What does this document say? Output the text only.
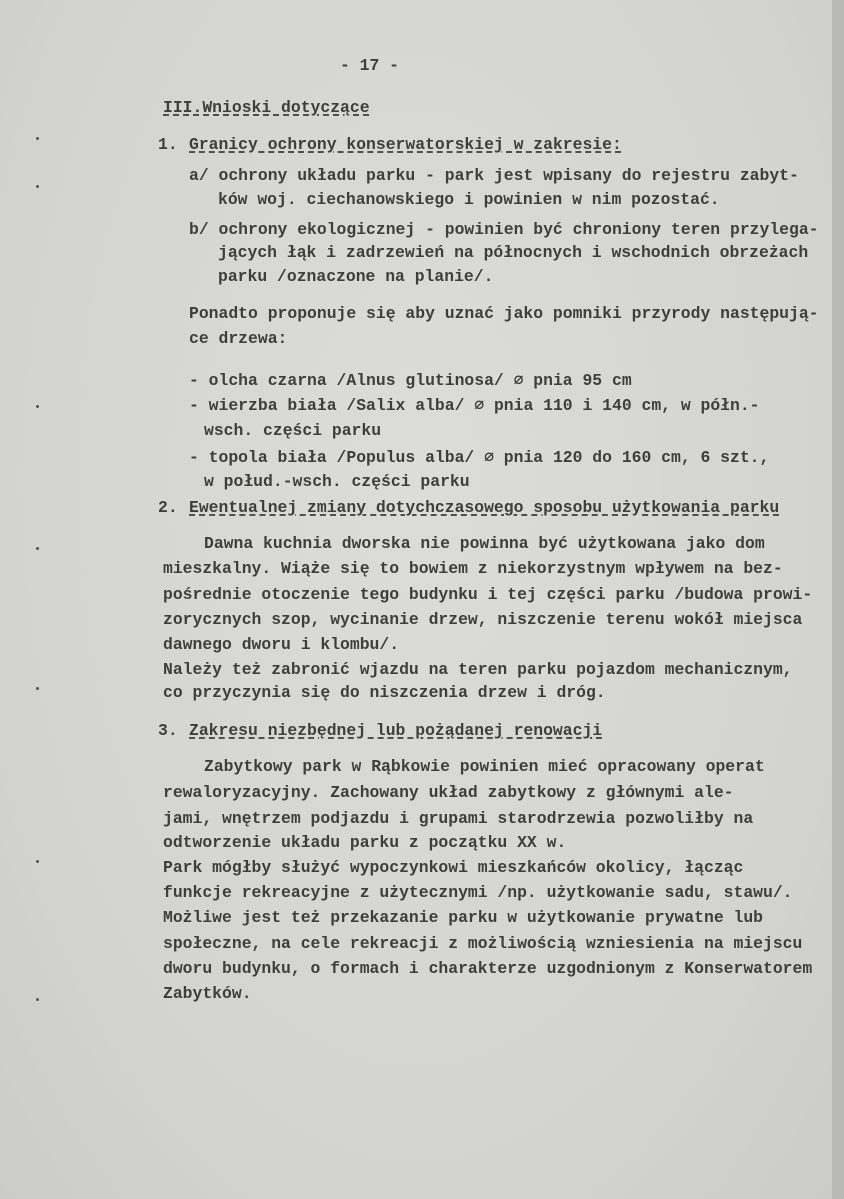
- 17 -
III.Wnioski dotyczące
1. Granicy ochrony konserwatorskiej w zakresie:
a/ ochrony układu parku - park jest wpisany do rejestru zabyt-
ków woj. ciechanowskiego i powinien w nim pozostać.
b/ ochrony ekologicznej - powinien być chroniony teren przylega-
jących łąk i zadrzewień na północnych i wschodnich obrzeżach
parku /oznaczone na planie/.
Ponadto proponuje się aby uznać jako pomniki przyrody następują-
ce drzewa:
- olcha czarna /Alnus glutinosa/ ∅ pnia 95 cm
- wierzba biała /Salix alba/ ∅ pnia 110 i 140 cm, w półn.-
wsch. części parku
- topola biała /Populus alba/ ∅ pnia 120 do 160 cm, 6 szt.,
w połud.-wsch. części parku
2. Ewentualnej zmiany dotychczasowego sposobu użytkowania parku
Dawna kuchnia dworska nie powinna być użytkowana jako dom
mieszkalny. Wiąże się to bowiem z niekorzystnym wpływem na bez-
pośrednie otoczenie tego budynku i tej części parku /budowa prowi-
zorycznych szop, wycinanie drzew, niszczenie terenu wokół miejsca
dawnego dworu i klombu/.
Należy też zabronić wjazdu na teren parku pojazdom mechanicznym,
co przyczynia się do niszczenia drzew i dróg.
3. Zakresu niezbędnej lub pożądanej renowacji
Zabytkowy park w Rąbkowie powinien mieć opracowany operat
rewaloryzacyjny. Zachowany układ zabytkowy z głównymi ale-
jami, wnętrzem podjazdu i grupami starodrzewia pozwoliłby na
odtworzenie układu parku z początku XX w.
Park mógłby służyć wypoczynkowi mieszkańców okolicy, łącząc
funkcje rekreacyjne z użytecznymi /np. użytkowanie sadu, stawu/.
Możliwe jest też przekazanie parku w użytkowanie prywatne lub
społeczne, na cele rekreacji z możliwością wzniesienia na miejscu
dworu budynku, o formach i charakterze uzgodnionym z Konserwatorem
Zabytków.
